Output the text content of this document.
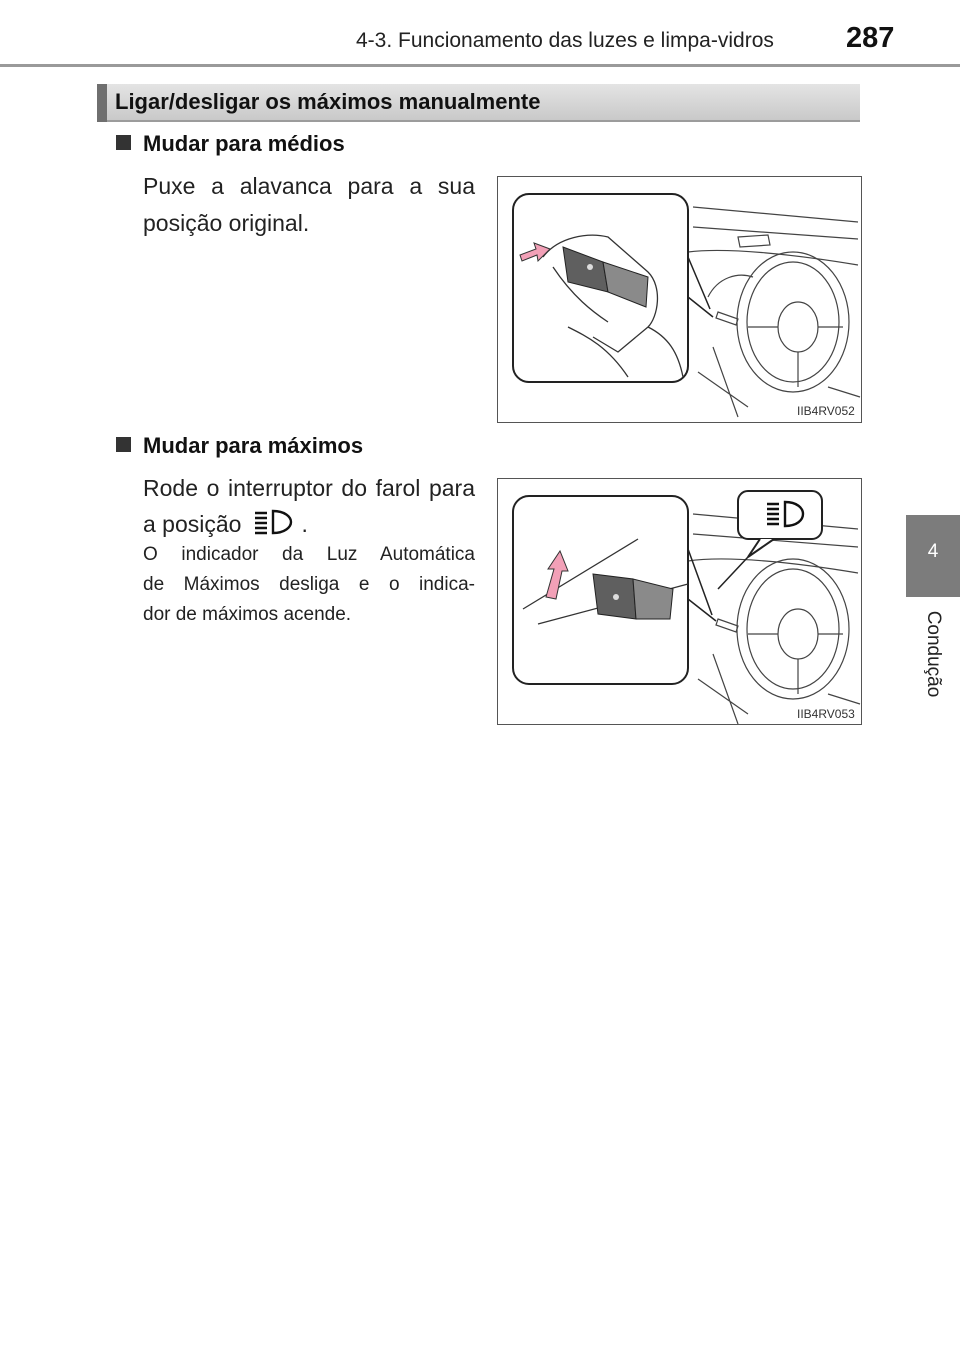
4-3. Funcionamento das luzes e limpa-vidros 287
4
Condução
Ligar/desligar os máximos manualmente
Mudar para médios
Puxe a alavanca para a sua
posição original.
IIB4RV052
Mudar para máximos
Rode o interruptor do farol para
a posição	.
O indicador da Luz Automática
de Máximos desliga e o indica-
dor de máximos acende.
IIB4RV053
